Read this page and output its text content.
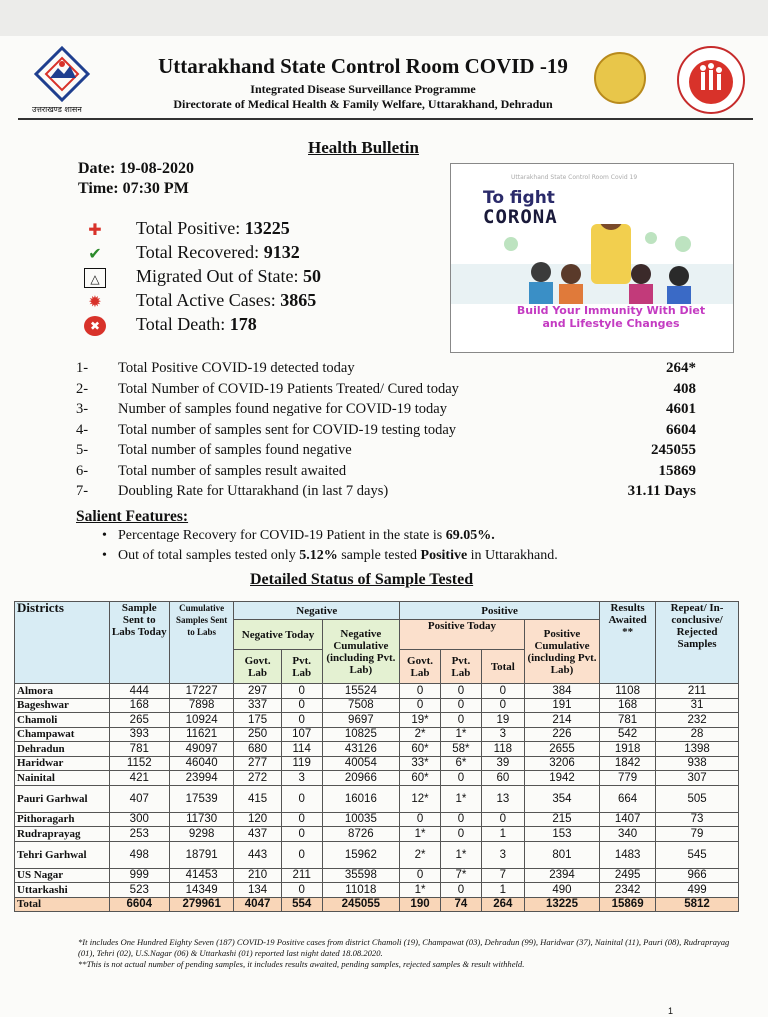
उत्तराखण्ड शासन
Uttarakhand State Control Room COVID -19
Integrated Disease Surveillance Programme
Directorate of Medical Health & Family Welfare, Uttarakhand, Dehradun
Health Bulletin
Date: 19-08-2020
Time: 07:30 PM
✚ Total Positive: 13225
✔ Total Recovered: 9132
△	Migrated Out of State: 50
✹ Total Active Cases: 3865
✖	Total Death: 178
Uttarakhand State Control Room Covid 19
To fight
CORONA
Build Your Immunity With Diet and Lifestyle Changes
1- Total Positive COVID-19 detected today	264*
2- Total Number of COVID-19 Patients Treated/ Cured today	408
3- Number of samples found negative for COVID-19 today	4601
4- Total number of samples sent for COVID-19 testing today	6604
5- Total number of samples found negative	245055
6- Total number of samples result awaited	15869
7- Doubling Rate for Uttarakhand (in last 7 days)	31.11 Days
Salient Features:
• Percentage Recovery for COVID-19 Patient in the state is 69.05%.
• Out of total samples tested only 5.12% sample tested Positive in Uttarakhand.
Detailed Status of Sample Tested
Districts	Sample Sent to Labs Today	Cumulative Samples Sent to Labs	Negative			Positive				Results Awaited **	Repeat/ In-conclusive/ Rejected Samples
			Negative Today		Negative Cumulative (including Pvt. Lab)	Positive Today			Positive Cumulative (including Pvt. Lab)		
			Govt. Lab	Pvt. Lab		Govt. Lab	Pvt. Lab	Total			
Almora	444	17227	297	0	15524	0	0	0	384	1108	211
Bageshwar	168	7898	337	0	7508	0	0	0	191	168	31
Chamoli	265	10924	175	0	9697	19*	0	19	214	781	232
Champawat	393	11621	250	107	10825	2*	1*	3	226	542	28
Dehradun	781	49097	680	114	43126	60*	58*	118	2655	1918	1398
Haridwar	1152	46040	277	119	40054	33*	6*	39	3206	1842	938
Nainital	421	23994	272	3	20966	60*	0	60	1942	779	307
Pauri Garhwal	407	17539	415	0	16016	12*	1*	13	354	664	505
Pithoragarh	300	11730	120	0	10035	0	0	0	215	1407	73
Rudraprayag	253	9298	437	0	8726	1*	0	1	153	340	79
Tehri Garhwal	498	18791	443	0	15962	2*	1*	3	801	1483	545
US Nagar	999	41453	210	211	35598	0	7*	7	2394	2495	966
Uttarkashi	523	14349	134	0	11018	1*	0	1	490	2342	499
Total	6604	279961	4047	554	245055	190	74	264	13225	15869	5812
*It includes One Hundred Eighty Seven (187) COVID-19 Positive cases from district Chamoli (19), Champawat (03), Dehradun (99), Haridwar (37), Nainital (11), Pauri (08), Rudraprayag (01), Tehri (02), U.S.Nagar (06) & Uttarkashi (01) reported last night dated 18.08.2020.
**This is not actual number of pending samples, it includes results awaited, pending samples, rejected samples & result withheld.
1
